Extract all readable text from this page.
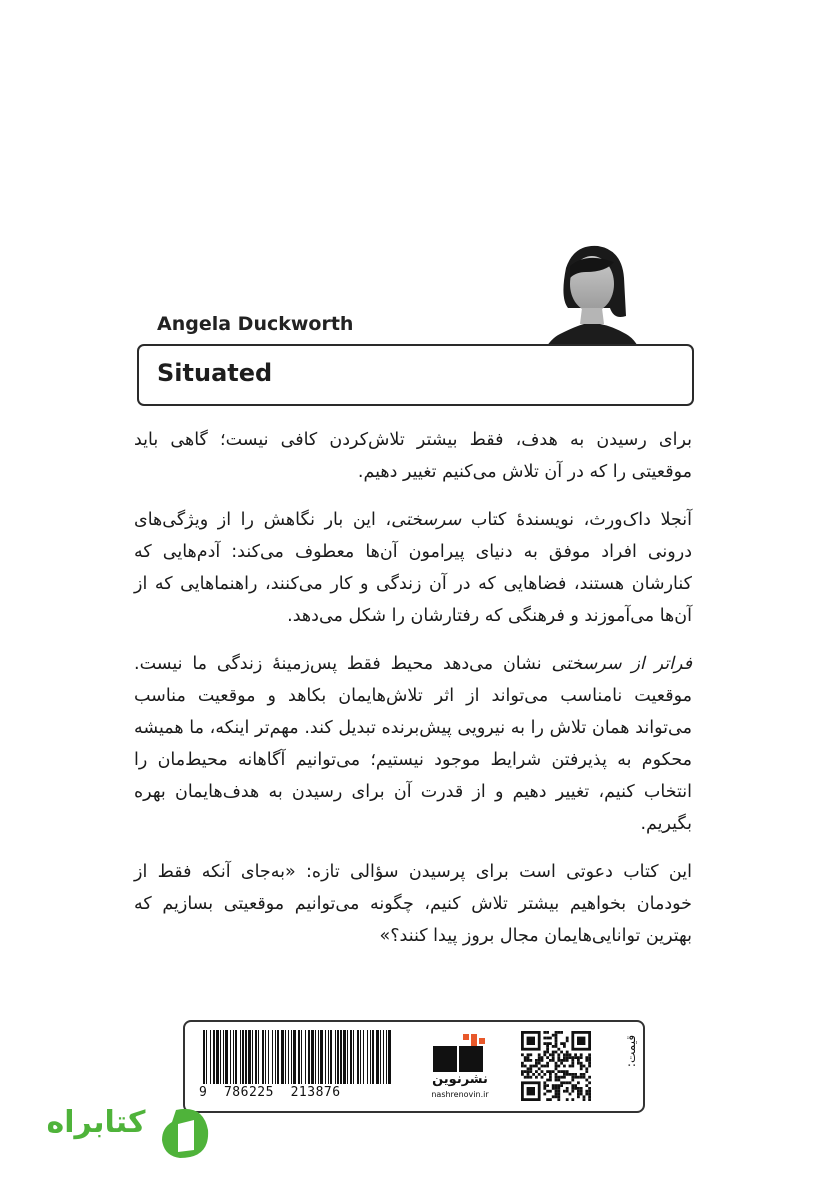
Angela Duckworth
Situated

برای رسیدن به هدف، فقط بیشتر تلاش‌کردن کافی نیست؛ گاهی باید موقعیتی را که در آن تلاش می‌کنیم تغییر دهیم.

آنجلا داک‌ورث، نویسندهٔ کتاب سرسختی، این بار نگاهش را از ویژگی‌های درونی افراد موفق به دنیای پیرامون آن‌ها معطوف می‌کند: آدم‌هایی که کنارشان هستند، فضاهایی که در آن زندگی و کار می‌کنند، راهنماهایی که از آن‌ها می‌آموزند و فرهنگی که رفتارشان را شکل می‌دهد.

فراتر از سرسختی نشان می‌دهد محیط فقط پس‌زمینهٔ زندگی ما نیست. موقعیت نامناسب می‌تواند از اثر تلاش‌هایمان بکاهد و موقعیت مناسب می‌تواند همان تلاش را به نیرویی پیش‌برنده تبدیل کند. مهم‌تر اینکه، ما همیشه محکوم به پذیرفتن شرایط موجود نیستیم؛ می‌توانیم آگاهانه محیط‌مان را انتخاب کنیم، تغییر دهیم و از قدرت آن برای رسیدن به هدف‌هایمان بهره بگیریم.

این کتاب دعوتی است برای پرسیدن سؤالی تازه: «به‌جای آنکه فقط از خودمان بخواهیم بیشتر تلاش کنیم، چگونه می‌توانیم موقعیتی بسازیم که بهترین توانایی‌هایمان مجال بروز پیدا کنند؟»

9  786225  213876
نشرنوین
nashrenovin.ir
قیمت:
کتابراه
